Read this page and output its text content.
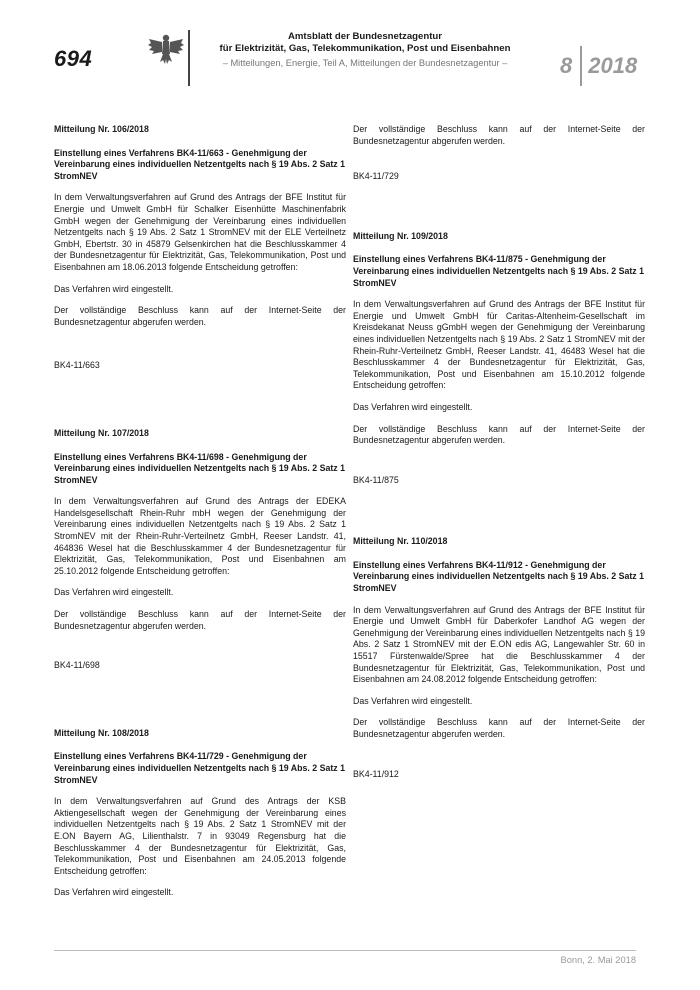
694
Amtsblatt der Bundesnetzagentur
für Elektrizität, Gas, Telekommunikation, Post und Eisenbahnen
– Mitteilungen, Energie, Teil A, Mitteilungen der Bundesnetzagentur –	8 2018
Mitteilung Nr. 106/2018
Einstellung eines Verfahrens BK4-11/663 - Genehmigung der Vereinbarung eines individuellen Netzentgelts nach § 19 Abs. 2 Satz 1 StromNEV

In dem Verwaltungsverfahren auf Grund des Antrags der BFE Institut für Energie und Umwelt GmbH für Schalker Eisenhütte Maschinenfabrik GmbH wegen der Genehmigung der Vereinbarung eines individuellen Netzentgelts nach § 19 Abs. 2 Satz 1 StromNEV mit der ELE Verteilnetz GmbH, Ebertstr. 30 in 45879 Gelsenkirchen hat die Beschlusskammer 4 der Bundesnetzagentur für Elektrizität, Gas, Telekommunikation, Post und Eisenbahnen am 18.06.2013 folgende Entscheidung getroffen:

Das Verfahren wird eingestellt.

Der vollständige Beschluss kann auf der Internet-Seite der Bundesnetzagentur abgerufen werden.

BK4-11/663

Mitteilung Nr. 107/2018
Einstellung eines Verfahrens BK4-11/698 - Genehmigung der Vereinbarung eines individuellen Netzentgelts nach § 19 Abs. 2 Satz 1 StromNEV

In dem Verwaltungsverfahren auf Grund des Antrags der EDEKA Handelsgesellschaft Rhein-Ruhr mbH wegen der Genehmigung der Vereinbarung eines individuellen Netzentgelts nach § 19 Abs. 2 Satz 1 StromNEV mit der Rhein-Ruhr-Verteilnetz GmbH, Reeser Landstr. 41, 464836 Wesel hat die Beschlusskammer 4 der Bundesnetzagentur für Elektrizität, Gas, Telekommunikation, Post und Eisenbahnen am 25.10.2012 folgende Entscheidung getroffen:

Das Verfahren wird eingestellt.

Der vollständige Beschluss kann auf der Internet-Seite der Bundesnetzagentur abgerufen werden.

BK4-11/698

Mitteilung Nr. 108/2018
Einstellung eines Verfahrens BK4-11/729 - Genehmigung der Vereinbarung eines individuellen Netzentgelts nach § 19 Abs. 2 Satz 1 StromNEV

In dem Verwaltungsverfahren auf Grund des Antrags der KSB Aktiengesellschaft wegen der Genehmigung der Vereinbarung eines individuellen Netzentgelts nach § 19 Abs. 2 Satz 1 StromNEV mit der E.ON Bayern AG, Lilienthalstr. 7 in 93049 Regensburg hat die Beschlusskammer 4 der Bundesnetzagentur für Elektrizität, Gas, Telekommunikation, Post und Eisenbahnen am 24.05.2013 folgende Entscheidung getroffen:

Das Verfahren wird eingestellt.

Der vollständige Beschluss kann auf der Internet-Seite der Bundesnetzagentur abgerufen werden.

BK4-11/729

Mitteilung Nr. 109/2018
Einstellung eines Verfahrens BK4-11/875 - Genehmigung der Vereinbarung eines individuellen Netzentgelts nach § 19 Abs. 2 Satz 1 StromNEV

In dem Verwaltungsverfahren auf Grund des Antrags der BFE Institut für Energie und Umwelt GmbH für Caritas-Altenheim-Gesellschaft im Kreisdekanat Neuss gGmbH wegen der Genehmigung der Vereinbarung eines individuellen Netzentgelts nach § 19 Abs. 2 Satz 1 StromNEV mit der Rhein-Ruhr-Verteilnetz GmbH, Reeser Landstr. 41, 46483 Wesel hat die Beschlusskammer 4 der Bundesnetzagentur für Elektrizität, Gas, Telekommunikation, Post und Eisenbahnen am 15.10.2012 folgende Entscheidung getroffen:

Das Verfahren wird eingestellt.

Der vollständige Beschluss kann auf der Internet-Seite der Bundesnetzagentur abgerufen werden.

BK4-11/875

Mitteilung Nr. 110/2018
Einstellung eines Verfahrens BK4-11/912 - Genehmigung der Vereinbarung eines individuellen Netzentgelts nach § 19 Abs. 2 Satz 1 StromNEV

In dem Verwaltungsverfahren auf Grund des Antrags der BFE Institut für Energie und Umwelt GmbH für Daberkofer Landhof AG wegen der Genehmigung der Vereinbarung eines individuellen Netzentgelts nach § 19 Abs. 2 Satz 1 StromNEV mit der E.ON edis AG, Langewahler Str. 60 in 15517 Fürstenwalde/Spree hat die Beschlusskammer 4 der Bundesnetzagentur für Elektrizität, Gas, Telekommunikation, Post und Eisenbahnen am 24.08.2012 folgende Entscheidung getroffen:

Das Verfahren wird eingestellt.

Der vollständige Beschluss kann auf der Internet-Seite der Bundesnetzagentur abgerufen werden.

BK4-11/912

Bonn, 2. Mai 2018
